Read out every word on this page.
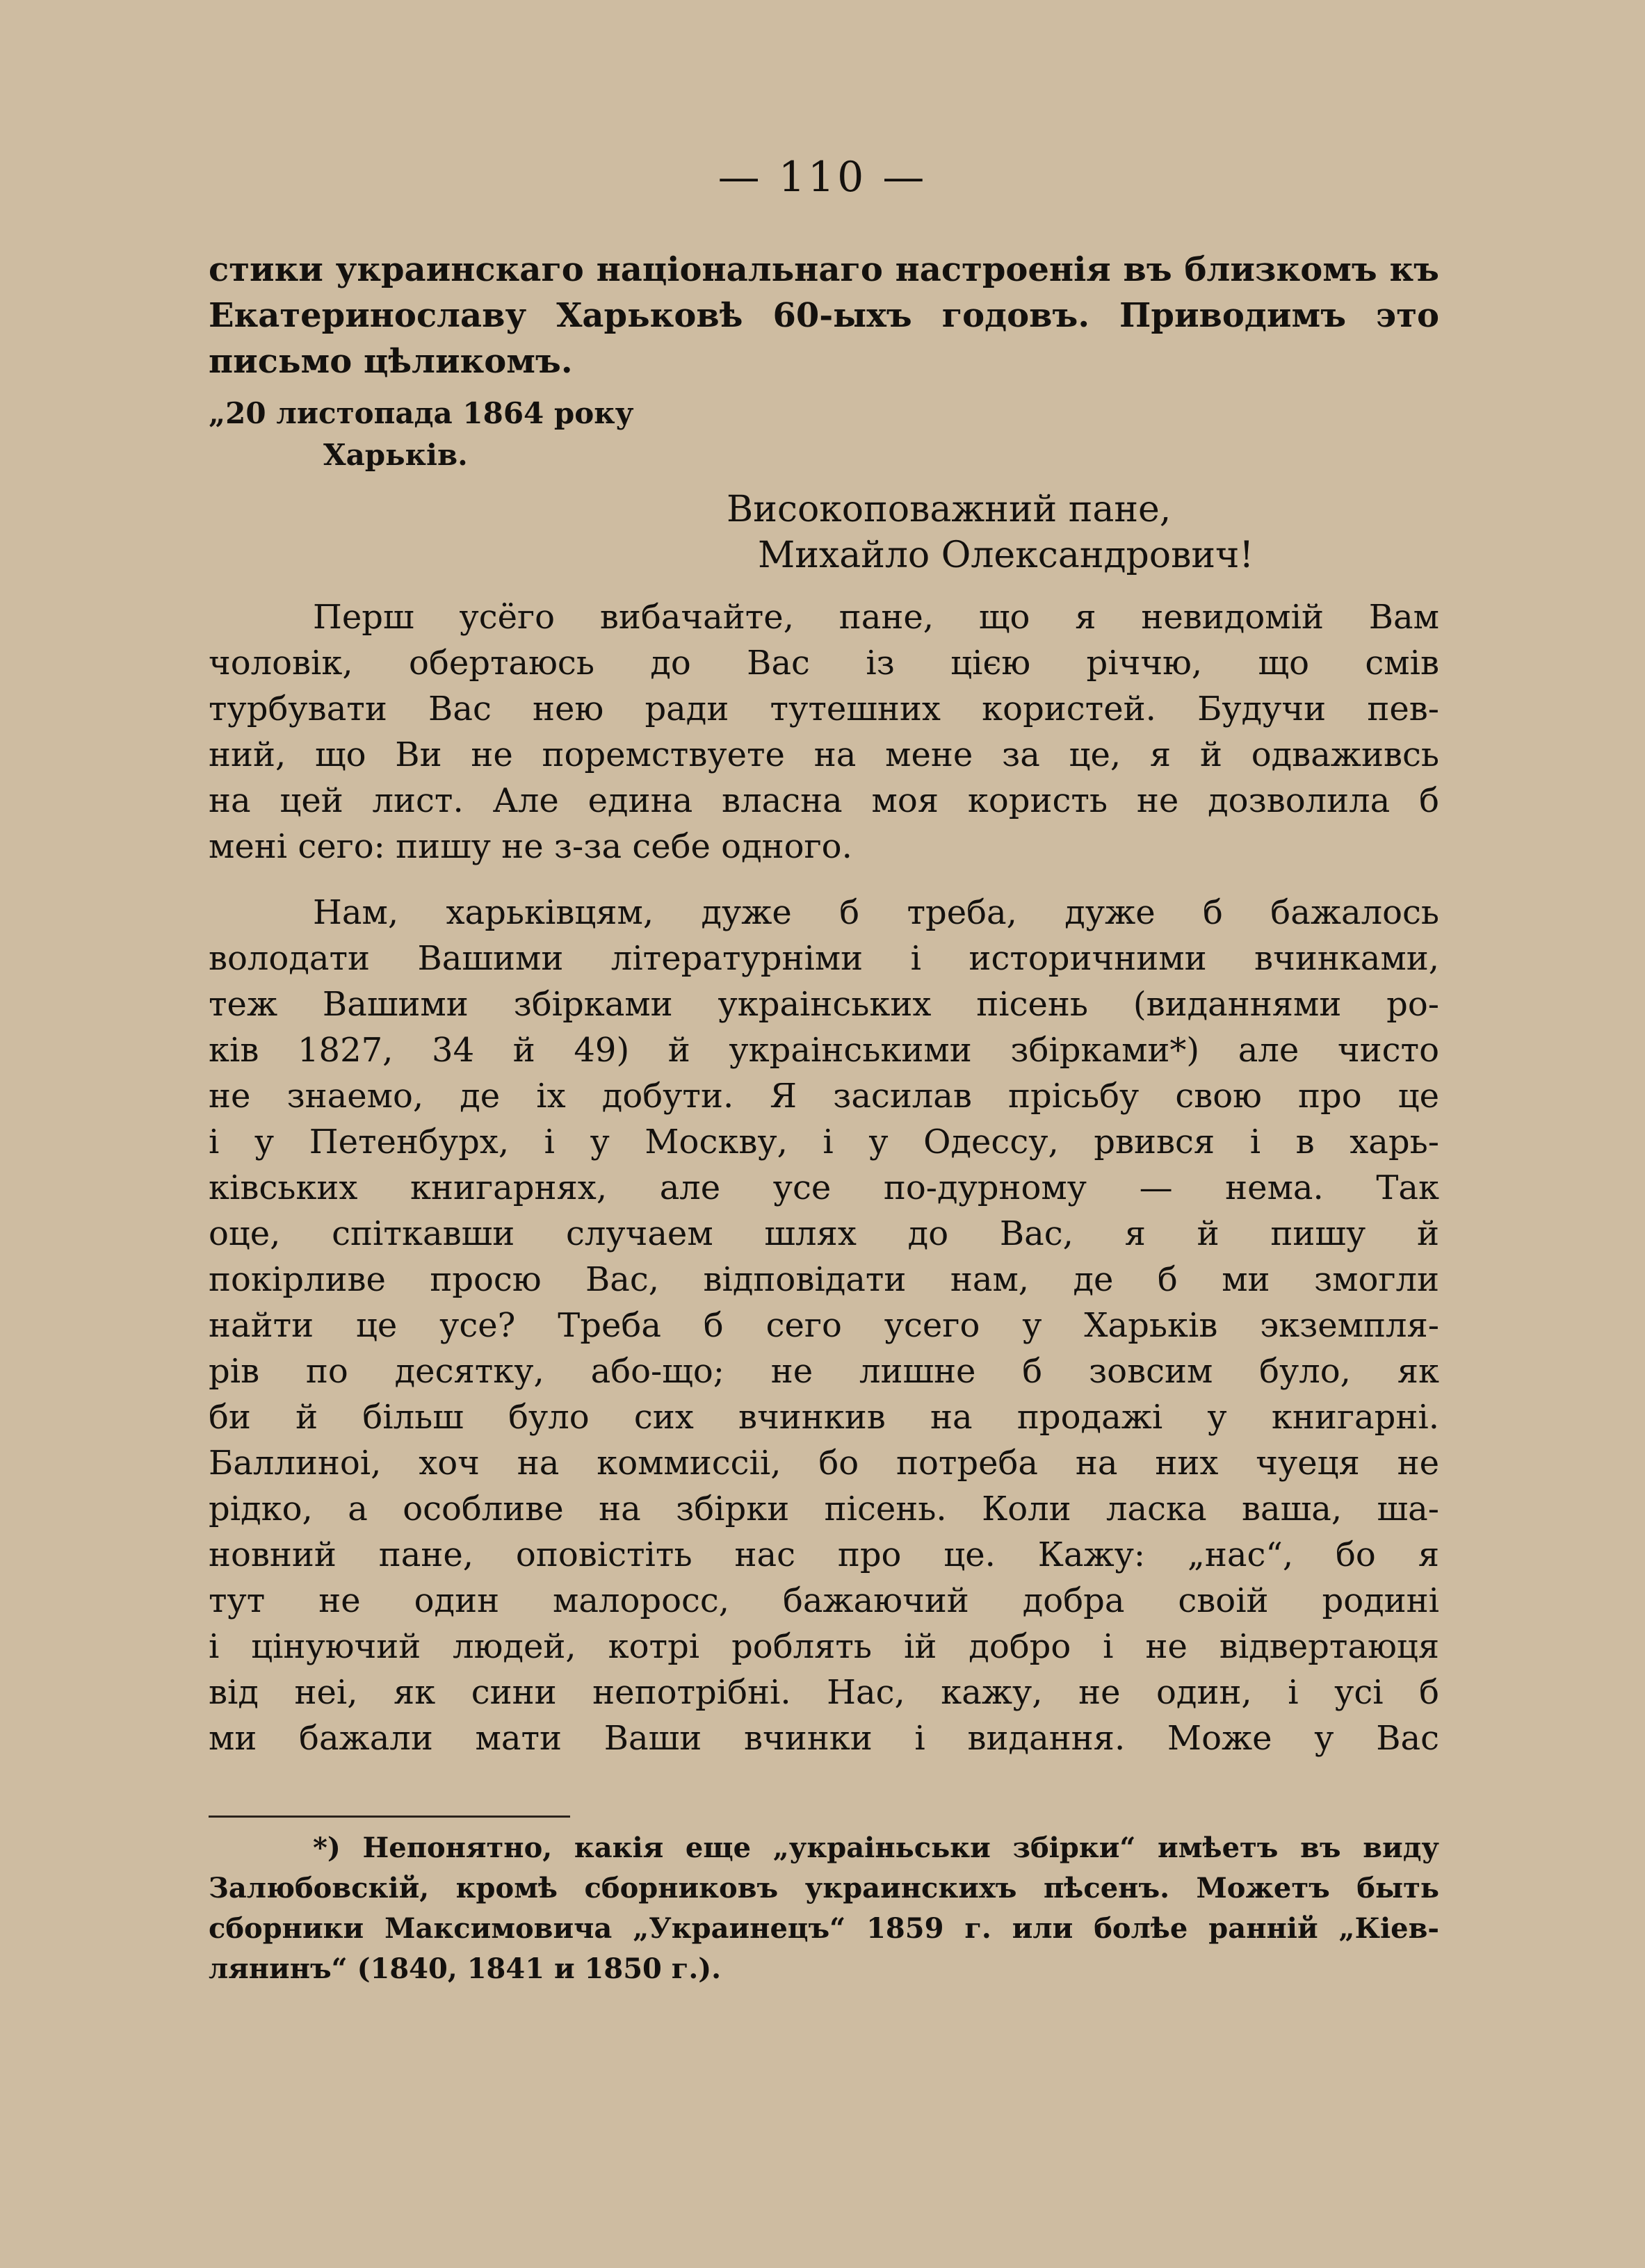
— 110 —
стики украинскаго національнаго настроенія въ близкомъ къ
Екатеринославу Харьковѣ 60-ыхъ годовъ. Приводимъ это
письмо цѣликомъ.
„20 листопада 1864 року
Харьків.
Високоповажний пане,
Михайло Олександрович!
Перш усёго вибачайте, пане, що я невидомій Вам
чоловік, обертаюсь до Вас із цією річчю, що смів
турбувати Вас нею ради тутешних користей. Будучи пев-
ний, що Ви не поремствуете на мене за це, я й одваживсь
на цей лист. Але едина власна моя користь не дозволила б
мені сего: пишу не з-за себе одного.
Нам, харьківцям, дуже б треба, дуже б бажалось
володати Вашими літературніми і историчними вчинками,
теж Вашими збірками украінських пісень (виданнями ро-
ків 1827, 34 й 49) й украінськими збірками*) але чисто
не знаемо, де іх добути. Я засилав прісьбу свою про це
і у Петенбурх, і у Москву, і у Одессу, рвився і в харь-
ківських книгарнях, але усе по-дурному — нема. Так
оце, спіткавши случаем шлях до Вас, я й пишу й
покірливе просю Вас, відповідати нам, де б ми змогли
найти це усе? Треба б сего усего у Харьків экземпля-
рів по десятку, або-що; не лишне б зовсим було, як
би й більш було сих вчинкив на продажі у книгарні.
Баллиноі, хоч на коммиссіі, бо потреба на них чуеця не
рідко, а особливе на збірки пісень. Коли ласка ваша, ша-
новний пане, оповістіть нас про це. Кажу: „нас“, бо я
тут не один малоросс, бажаючий добра своій родині
і цінуючий людей, котрі роблять ій добро і не відвертаюця
від неі, як сини непотрібні. Нас, кажу, не один, і усі б
ми бажали мати Ваши вчинки і видання. Може у Вас
*) Непонятно, какія еще „украіньськи збірки“ имѣетъ въ виду
Залюбовскій, кромѣ сборниковъ украинскихъ пѣсенъ. Можетъ быть
сборники Максимовича „Украинецъ“ 1859 г. или болѣе ранній „Кіев-
лянинъ“ (1840, 1841 и 1850 г.).
